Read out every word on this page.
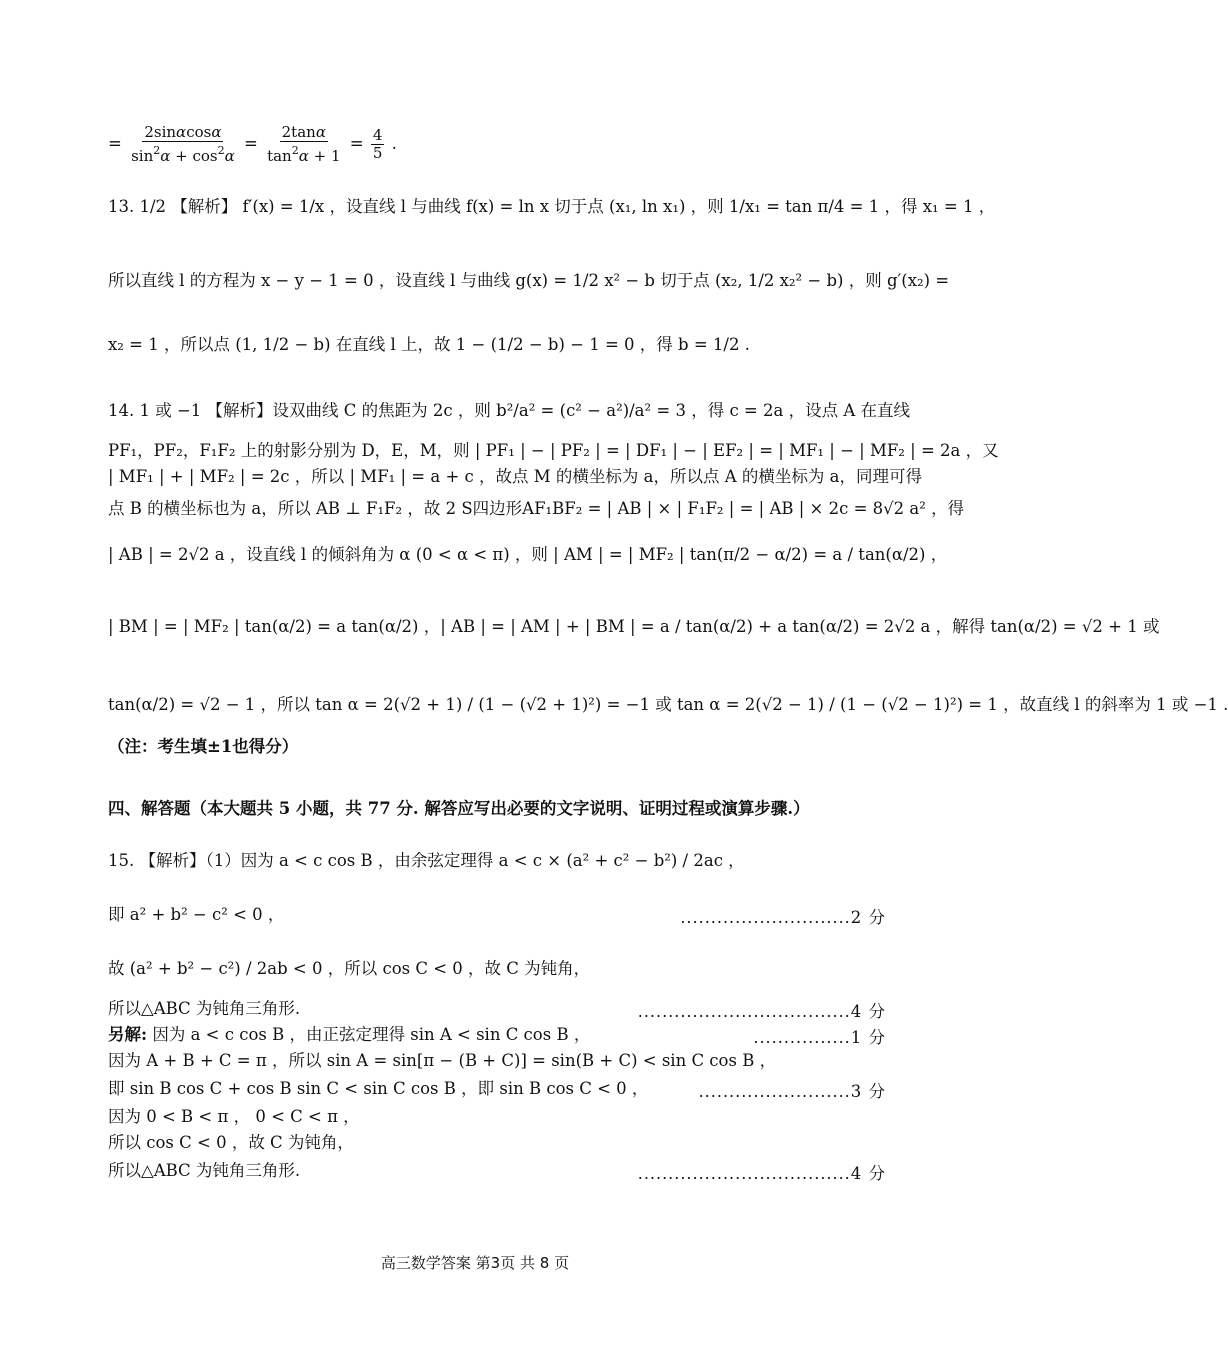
= $\frac{2\sin\alpha\cos\alpha}{\sin^2\alpha + \cos^2\alpha} = \frac{2\tan\alpha}{\tan^2\alpha + 1} = \frac{4}{5}$ .
13. 1/2 【解析】 f′(x) = 1/x ，设直线 l 与曲线 f(x) = ln x 切于点 (x₁, ln x₁) ，则 1/x₁ = tan π/4 = 1 ，得 x₁ = 1 ，
所以直线 l 的方程为 x − y − 1 = 0 ，设直线 l 与曲线 g(x) = 1/2 x² − b 切于点 (x₂, 1/2 x₂² − b) ，则 g′(x₂) =
x₂ = 1 ，所以点 (1, 1/2 − b) 在直线 l 上，故 1 − (1/2 − b) − 1 = 0 ，得 b = 1/2 .
14. 1 或 −1 【解析】设双曲线 C 的焦距为 2c ，则 b²/a² = (c² − a²)/a² = 3 ，得 c = 2a ，设点 A 在直线
PF₁，PF₂，F₁F₂ 上的射影分别为 D，E，M，则 | PF₁ | − | PF₂ | = | DF₁ | − | EF₂ | = | MF₁ | − | MF₂ | = 2a ，又
| MF₁ | + | MF₂ | = 2c ，所以 | MF₁ | = a + c ，故点 M 的横坐标为 a，所以点 A 的横坐标为 a，同理可得
点 B 的横坐标也为 a，所以 AB ⊥ F₁F₂ ，故 2 S四边形AF₁BF₂ = | AB | × | F₁F₂ | = | AB | × 2c = 8√2 a² ，得
| AB | = 2√2 a ，设直线 l 的倾斜角为 α (0 < α < π) ，则 | AM | = | MF₂ | tan(π/2 − α/2) = a / tan(α/2) ，
| BM | = | MF₂ | tan(α/2) = a tan(α/2) ，| AB | = | AM | + | BM | = a / tan(α/2) + a tan(α/2) = 2√2 a ，解得 tan(α/2) = √2 + 1 或
tan(α/2) = √2 − 1 ，所以 tan α = 2(√2 + 1) / (1 − (√2 + 1)²) = −1 或 tan α = 2(√2 − 1) / (1 − (√2 − 1)²) = 1 ，故直线 l 的斜率为 1 或 −1 .
（注：考生填±1也得分）
四、解答题（本大题共 5 小题，共 77 分. 解答应写出必要的文字说明、证明过程或演算步骤.）
15. 【解析】（1）因为 a < c cos B ，由余弦定理得 a < c × (a² + c² − b²) / 2ac ，
即 a² + b² − c² < 0 ，	............................2 分
故 (a² + b² − c²) / 2ab < 0 ，所以 cos C < 0 ，故 C 为钝角，
所以△ABC 为钝角三角形.	...................................4 分
另解: 因为 a < c cos B ，由正弦定理得 sin A < sin C cos B ，	................1 分
因为 A + B + C = π ，所以 sin A = sin[π − (B + C)] = sin(B + C) < sin C cos B ，
即 sin B cos C + cos B sin C < sin C cos B ，即 sin B cos C < 0 ，	.........................3 分
因为 0 < B < π ， 0 < C < π ，
所以 cos C < 0 ，故 C 为钝角，
所以△ABC 为钝角三角形.	...................................4 分
高三数学答案 第3页 共 8 页
